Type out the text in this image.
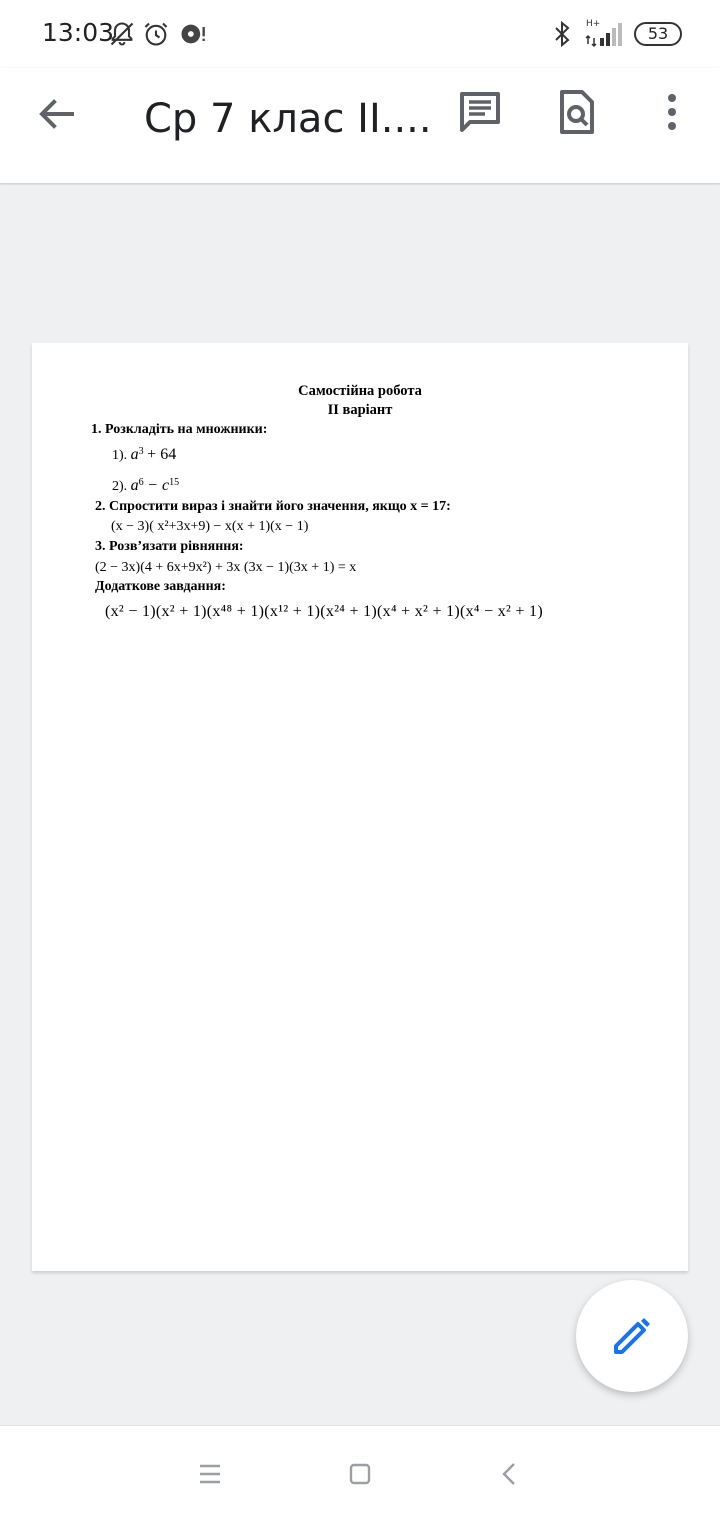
13:03	H+	53
Ср 7 клас II....
Самостійна робота
II варіант
1. Розкладіть на множники:
1). $a^3 + 64$
2). $a^6 - c^{15}$
2. Спростити вираз і знайти його значення, якщо x = 17:
(x − 3)( x²+3x+9) − x(x + 1)(x − 1)
3. Розв’язати рівняння:
(2 − 3x)(4 + 6x+9x²) + 3x (3x − 1)(3x + 1) = x
Додаткове завдання:
(x² − 1)(x² + 1)(x⁴⁸ + 1)(x¹² + 1)(x²⁴ + 1)(x⁴ + x² + 1)(x⁴ − x² + 1)
